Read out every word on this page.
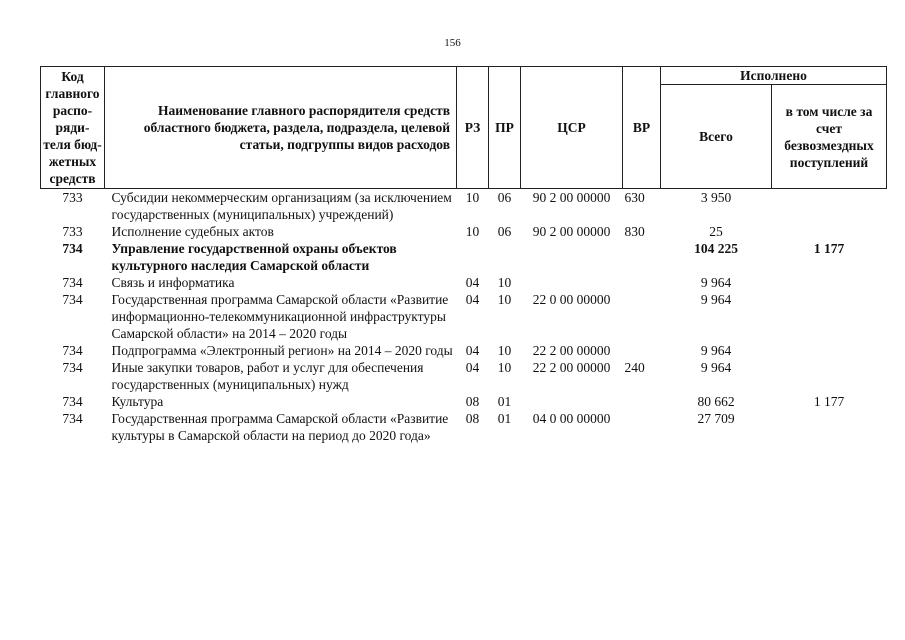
156
Код главного распо-ряди-теля бюд-жетных средств	Наименование главного распорядителя средств областного бюджета, раздела, подраздела, целевой статьи, подгруппы видов расходов	РЗ	ПР	ЦСР	ВР	Исполнено	
						Всего	в том числе за счет безвозмездных поступлений
733	Субсидии некоммерческим организациям (за исключением государственных (муниципальных) учреждений)	10	06	90 2 00 00000	630	3 950	
733	Исполнение судебных актов	10	06	90 2 00 00000	830	25	
734	Управление государственной охраны объектов культурного наследия Самарской области					104 225	1 177
734	Связь и информатика	04	10			9 964	
734	Государственная программа Самарской области «Развитие информационно-телекоммуникационной инфраструктуры Самарской области» на 2014 – 2020 годы	04	10	22 0 00 00000		9 964	
734	Подпрограмма «Электронный регион» на 2014 – 2020 годы	04	10	22 2 00 00000		9 964	
734	Иные закупки товаров, работ и услуг для обеспечения государственных (муниципальных) нужд	04	10	22 2 00 00000	240	9 964	
734	Культура	08	01			80 662	1 177
734	Государственная программа Самарской области «Развитие культуры в Самарской области на период до 2020 года»	08	01	04 0 00 00000		27 709	
